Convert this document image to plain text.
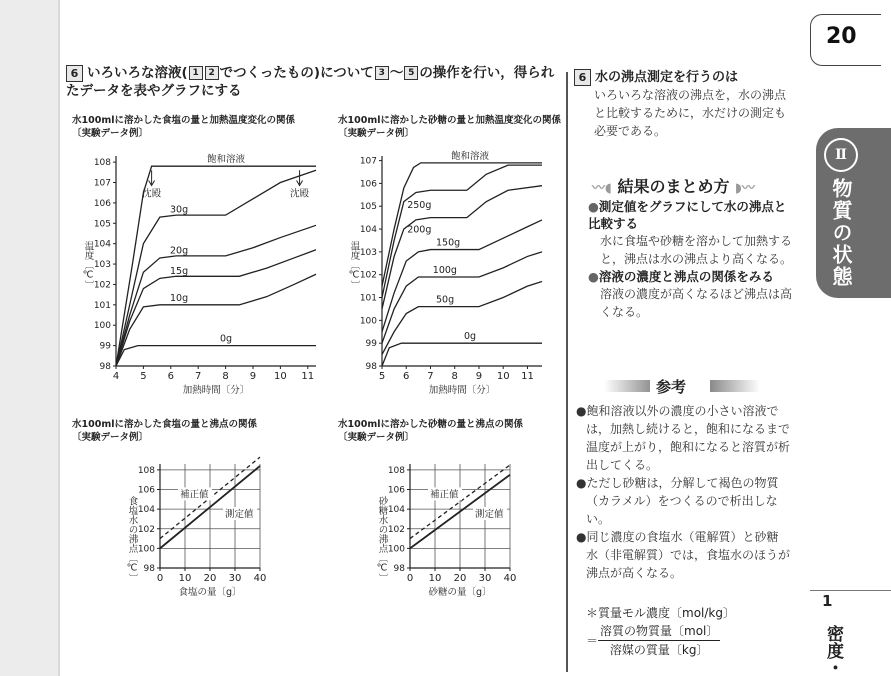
20
Ⅱ
物質の状態
1
密度・
6 いろいろな溶液( 1 2 でつくったもの)について 3 〜 5 の操作を行い，得られたデータを表やグラフにする
水100mlに溶かした食塩の量と加熱温度変化の関係
〔実験データ例〕
水100mlに溶かした砂糖の量と加熱温度変化の関係
〔実験データ例〕
水100mlに溶かした食塩の量と沸点の関係
〔実験データ例〕
水100mlに溶かした砂糖の量と沸点の関係
〔実験データ例〕
4 5 6 7 8 9 10 11
98
99
100
101
102
103
104
105
106
107
108
加熱時間〔分〕
温度〔℃〕
飽和溶液
30g
20g
15g
10g
0g
沈殿	沈殿
5 6 7 8 9 10 11
98
99
100
101
102
103
104
105
106
107
加熱時間〔分〕
温度〔℃〕
飽和溶液
250g
200g
150g
100g
50g
0g
0 10 20 30 40
98
100
102
104
106
108
食塩の量〔g〕
食塩水の沸点〔℃〕	測定値
補正値
0 10 20 30 40
98
100
102
104
106
108
砂糖の量〔g〕
砂糖水の沸点〔℃〕	測定値
補正値
6 水の沸点測定を行うのは
いろいろな溶液の沸点を，水の沸点と比較するために，水だけの測定も必要である。
〰◖ 結果のまとめ方 ◗〰
●測定値をグラフにして水の沸点と比較する
水に食塩や砂糖を溶かして加熱すると，沸点は水の沸点より高くなる。
●溶液の濃度と沸点の関係をみる
溶液の濃度が高くなるほど沸点は高くなる。
参考
●飽和溶液以外の濃度の小さい溶液では，加熱し続けると，飽和になるまで温度が上がり，飽和になると溶質が析出してくる。
●ただし砂糖は，分解して褐色の物質（カラメル）をつくるので析出しない。
●同じ濃度の食塩水（電解質）と砂糖水（非電解質）では，食塩水のほうが沸点が高くなる。
＊質量モル濃度〔mol/kg〕
＝
溶質の物質量〔mol〕
溶媒の質量〔kg〕
